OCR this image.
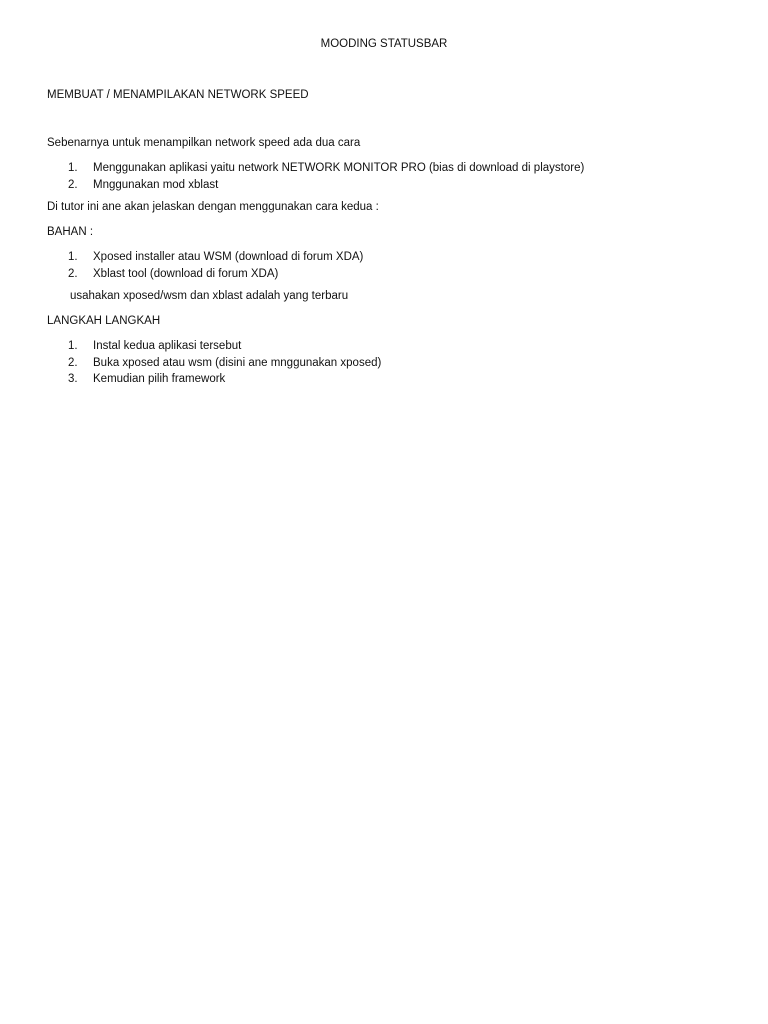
MOODING STATUSBAR
MEMBUAT / MENAMPILAKAN NETWORK SPEED
Sebenarnya untuk menampilkan network speed ada dua cara
1. Menggunakan aplikasi yaitu network NETWORK MONITOR PRO (bias di download di playstore)
2. Mnggunakan mod xblast
Di tutor ini ane akan jelaskan dengan menggunakan cara kedua :
BAHAN :
1. Xposed installer atau WSM (download di forum XDA)
2. Xblast tool (download di forum XDA)
usahakan xposed/wsm dan xblast adalah yang terbaru
LANGKAH LANGKAH
1. Instal kedua aplikasi tersebut
2. Buka xposed atau wsm (disini ane mnggunakan xposed)
3. Kemudian pilih framework
